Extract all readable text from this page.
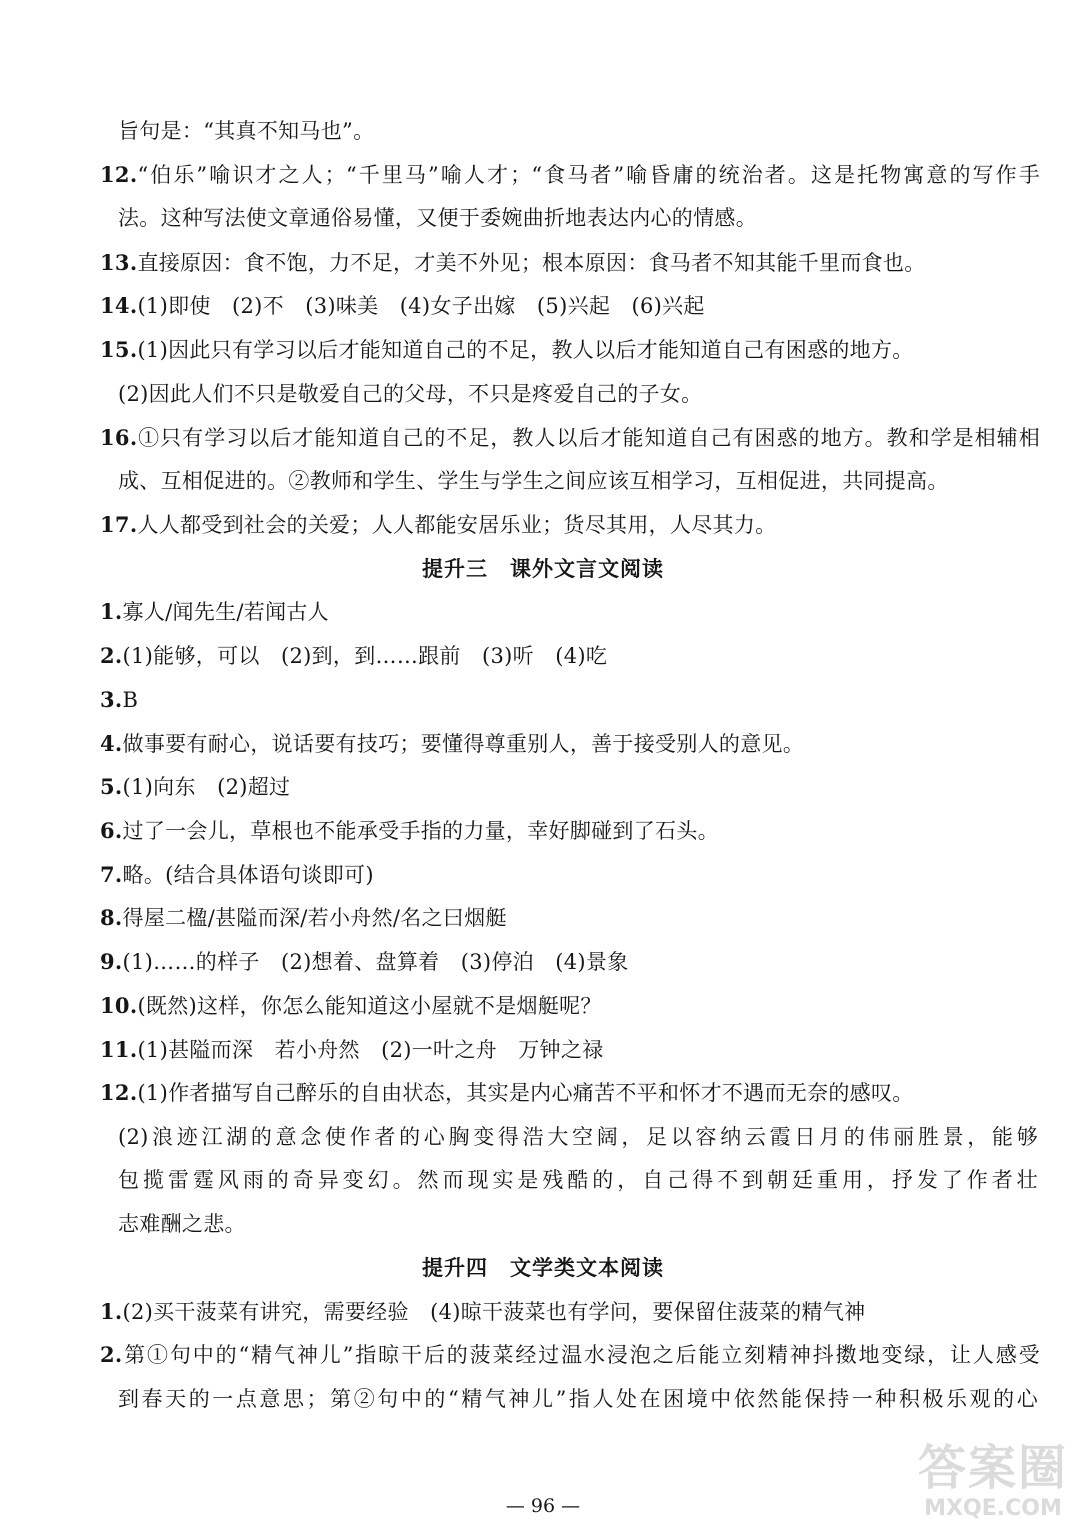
旨句是：“其真不知马也”。
12.“伯乐”喻识才之人；“千里马”喻人才；“食马者”喻昏庸的统治者。这是托物寓意的写作手
法。这种写法使文章通俗易懂，又便于委婉曲折地表达内心的情感。
13.直接原因：食不饱，力不足，才美不外见；根本原因：食马者不知其能千里而食也。
14.(1)即使　(2)不　(3)味美　(4)女子出嫁　(5)兴起　(6)兴起
15.(1)因此只有学习以后才能知道自己的不足，教人以后才能知道自己有困惑的地方。
(2)因此人们不只是敬爱自己的父母，不只是疼爱自己的子女。
16.①只有学习以后才能知道自己的不足，教人以后才能知道自己有困惑的地方。教和学是相辅相
成、互相促进的。②教师和学生、学生与学生之间应该互相学习，互相促进，共同提高。
17.人人都受到社会的关爱；人人都能安居乐业；货尽其用，人尽其力。
提升三　课外文言文阅读
1.寡人/闻先生/若闻古人
2.(1)能够，可以　(2)到，到……跟前　(3)听　(4)吃
3.B
4.做事要有耐心，说话要有技巧；要懂得尊重别人，善于接受别人的意见。
5.(1)向东　(2)超过
6.过了一会儿，草根也不能承受手指的力量，幸好脚碰到了石头。
7.略。(结合具体语句谈即可)
8.得屋二楹/甚隘而深/若小舟然/名之曰烟艇
9.(1)……的样子　(2)想着、盘算着　(3)停泊　(4)景象
10.(既然)这样，你怎么能知道这小屋就不是烟艇呢？
11.(1)甚隘而深　若小舟然　(2)一叶之舟　万钟之禄
12.(1)作者描写自己醉乐的自由状态，其实是内心痛苦不平和怀才不遇而无奈的感叹。
(2)浪迹江湖的意念使作者的心胸变得浩大空阔，足以容纳云霞日月的伟丽胜景，能够
包揽雷霆风雨的奇异变幻。然而现实是残酷的，自己得不到朝廷重用，抒发了作者壮
志难酬之悲。
提升四　文学类文本阅读
1.(2)买干菠菜有讲究，需要经验　(4)晾干菠菜也有学问，要保留住菠菜的精气神
2.第①句中的“精气神儿”指晾干后的菠菜经过温水浸泡之后能立刻精神抖擞地变绿，让人感受
到春天的一点意思；第②句中的“精气神儿”指人处在困境中依然能保持一种积极乐观的心
— 96 —
答案圈
MXQE.COM
